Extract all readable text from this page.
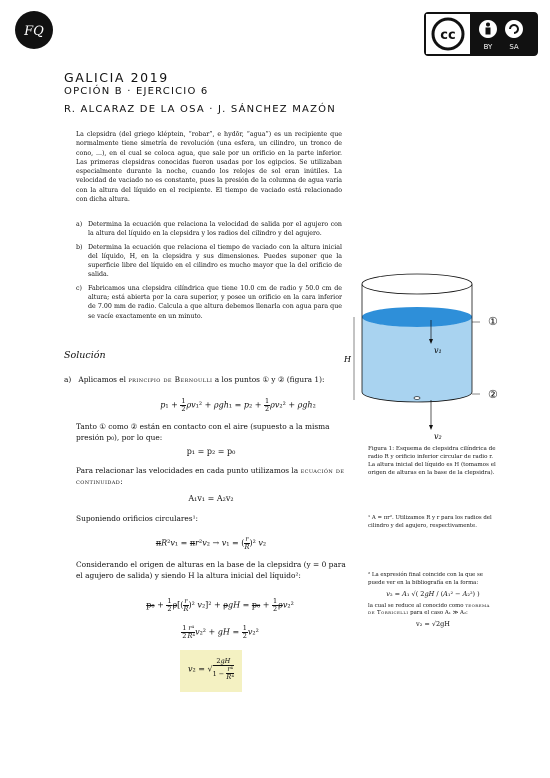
FQ	cc
BY SA
GALICIA 2019
OPCIÓN B · EJERCICIO 6
R. ALCARAZ DE LA OSA · J. SÁNCHEZ MAZÓN
La clepsidra (del griego kléptein, “robar”, e hydōr, “agua”) es un recipiente que normalmente tiene simetría de revolución (una esfera, un cilindro, un tronco de cono, ...), en el cual se coloca agua, que sale por un orificio en la parte inferior. Las primeras clepsidras conocidas fueron usadas por los egipcios. Se utilizaban especialmente durante la noche, cuando los relojes de sol eran inútiles. La velocidad de vaciado no es constante, pues la presión de la columna de agua varía con la altura del líquido en el recipiente. El tiempo de vaciado está relacionado con dicha altura.
a) Determina la ecuación que relaciona la velocidad de salida por el agujero con la altura del líquido en la clepsidra y los radios del cilindro y del agujero.
b) Determina la ecuación que relaciona el tiempo de vaciado con la altura inicial del líquido, H, en la clepsidra y sus dimensiones. Puedes suponer que la superficie libre del líquido en el cilindro es mucho mayor que la del orificio de salida.
c) Fabricamos una clepsidra cilíndrica que tiene 10.0 cm de radio y 50.0 cm de altura; está abierta por la cara superior, y posee un orificio en la cara inferior de 7.00 mm de radio. Calcula a que altura debemos llenarla con agua para que se vacíe exactamente en un minuto.	①
②
v₁
v₂
H
Figura 1: Esquema de clepsidra cilíndrica de radio R y orificio inferior circular de radio r. La altura inicial del líquido es H (tomamos el origen de alturas en la base de la clepsidra).
¹ A = πr². Utilizamos R y r para los radios del cilindro y del agujero, respectivamente.
² La expresión final coincide con la que se puede ver en la bibliografía en la forma:
v₂ = A₁ √( 2gH / (A₁² − A₂²) )
la cual se reduce al conocido como teorema de Torricelli para el caso A₁ ≫ A₂:
v₂ = √2gH
Solución
a) Aplicamos el principio de Bernoulli a los puntos ① y ② (figura 1):
$p_1 + \frac{1}{2}\rho v_1^2 + \rho gh_1 = p_2 + \frac{1}{2}\rho v_2^2 + \rho gh_2$
Tanto ① como ② están en contacto con el aire (supuesto a la misma presión p₀), por lo que:
p₁ = p₂ = p₀
Para relacionar las velocidades en cada punto utilizamos la ecuación de continuidad:
A₁v₁ = A₂v₂
Suponiendo orificios circulares¹:
πR²v₁ = πr²v₂ → v₁ = ( $\frac{r}{R})^2$ v₂
Considerando el origen de alturas en la base de la clepsidra (y = 0 para el agujero de salida) y siendo H la altura inicial del líquido²:
$p_0 + \frac{1}{2}\rho[( \frac{r}{R})^2$ $v_2]^2 + \rho gH = p_0 + \frac{1}{2}\rho v_2^2$
$\frac{1}{2} \frac{\text{r⁴}}{\text{R⁴}}v_2^2$ + gH = $\frac{1}{2}v_2^2$
v₂ = √ $\frac{2gH}{1 - \frac{\text{r⁴}}{\text{R⁴}}}$
